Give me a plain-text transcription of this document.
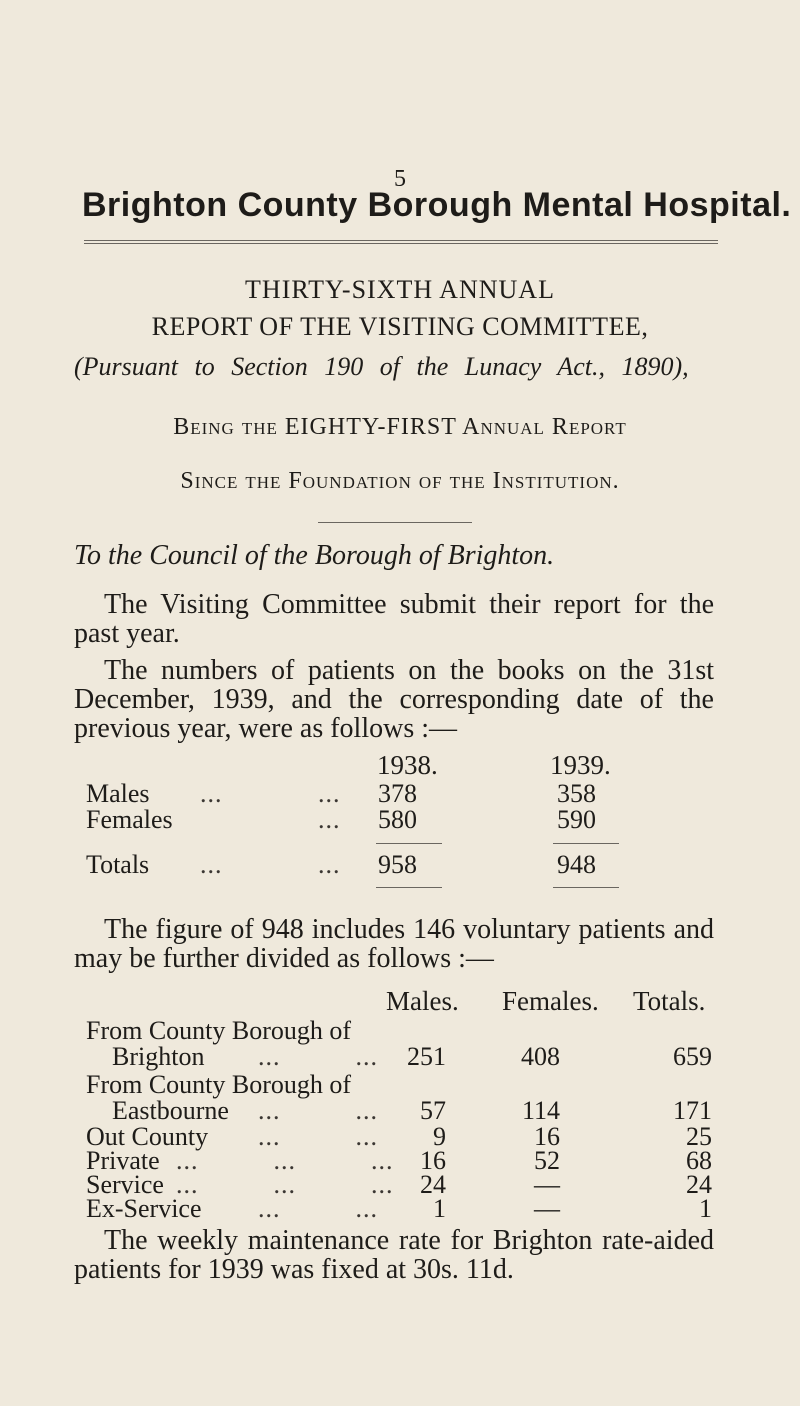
5
Brighton County Borough Mental Hospital.
THIRTY-SIXTH ANNUAL
REPORT OF THE VISITING COMMITTEE,
(Pursuant to Section 190 of the Lunacy Act., 1890),
Being the EIGHTY-FIRST Annual Report
Since the Foundation of the Institution.
To the Council of the Borough of Brighton.
The Visiting Committee submit their report for the past year.
The numbers of patients on the books on the 31st December, 1939, and the corresponding date of the previous year, were as follows :—
1938.	1939.
Males ...	... 378	358
Females	... 580	590
Totals ...	... 958	948
The figure of 948 includes 146 voluntary patients and may be further divided as follows :—
Males. Females. Totals.
From County Borough of
Brighton ...          ...	251	408	659
From County Borough of
Eastbourne ...          ...	57	114	171
Out County ...          ...	9	16	25
Private ...          ...          ...	16	52	68
Service ...          ...          ...	24	—	24
Ex-Service ...          ...	1	—	1
The weekly maintenance rate for Brighton rate-aided patients for 1939 was fixed at 30s. 11d.
